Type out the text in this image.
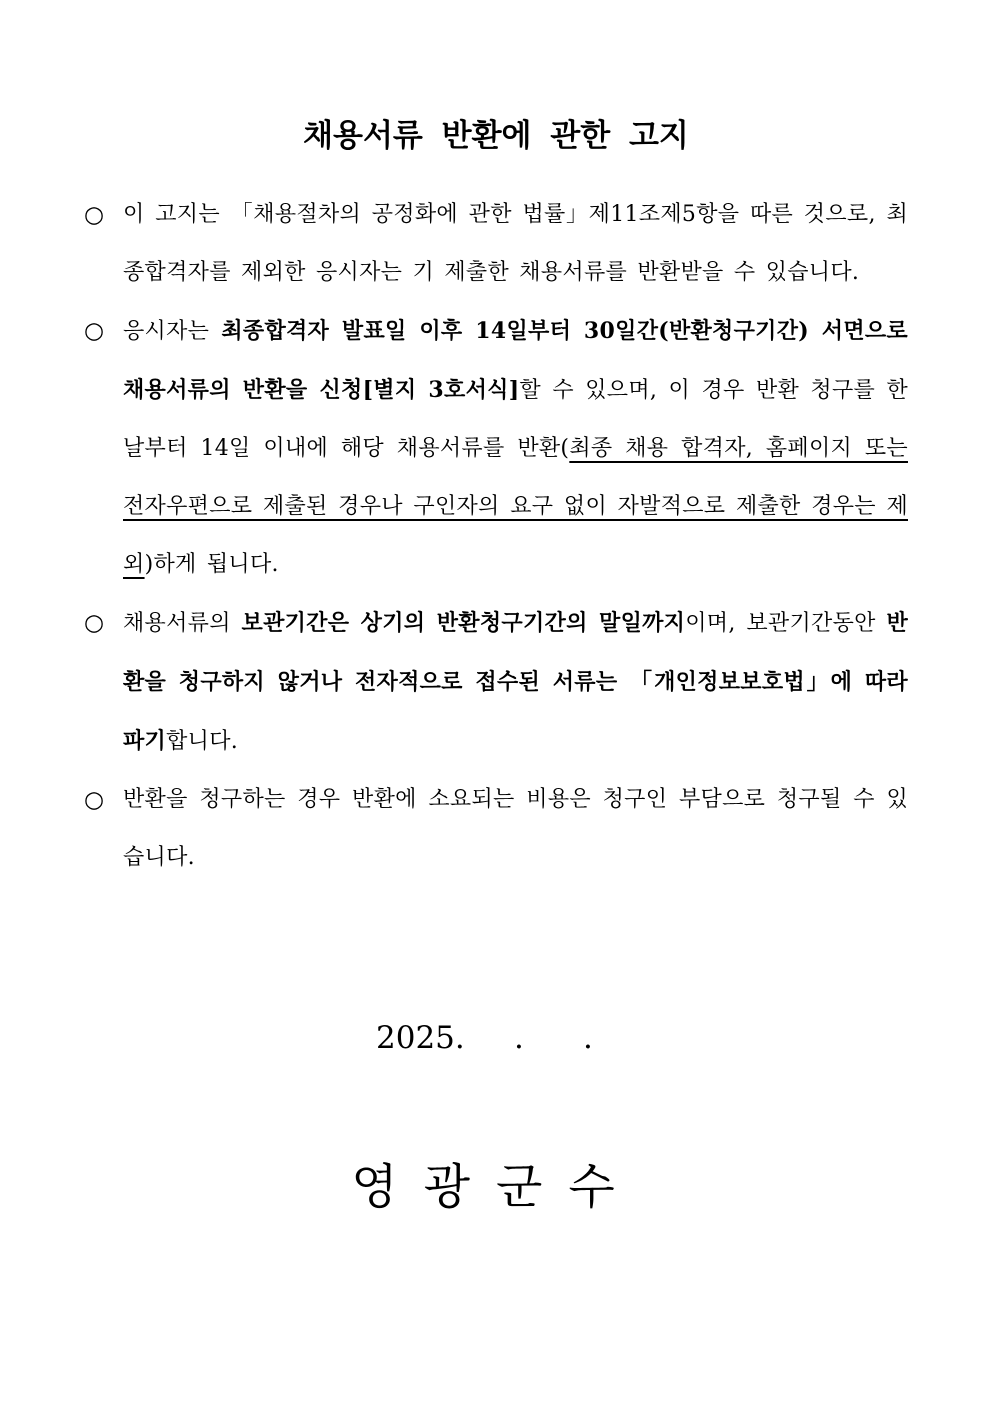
채용서류 반환에 관한 고지
○ 이 고지는 「채용절차의 공정화에 관한 법률」제11조제5항을 따른 것으로, 최종합격자를 제외한 응시자는 기 제출한 채용서류를 반환받을 수 있습니다.
○ 응시자는 최종합격자 발표일 이후 14일부터 30일간(반환청구기간) 서면으로 채용서류의 반환을 신청[별지 3호서식]할 수 있으며, 이 경우 반환 청구를 한 날부터 14일 이내에 해당 채용서류를 반환(최종 채용 합격자, 홈페이지 또는 전자우편으로 제출된 경우나 구인자의 요구 없이 자발적으로 제출한 경우는 제외)하게 됩니다.
○ 채용서류의 보관기간은 상기의 반환청구기간의 말일까지이며, 보관기간동안 반환을 청구하지 않거나 전자적으로 접수된 서류는 「개인정보보호법」에 따라 파기합니다.
○ 반환을 청구하는 경우 반환에 소요되는 비용은 청구인 부담으로 청구될 수 있습니다.

2025.     .      .

영광군수
